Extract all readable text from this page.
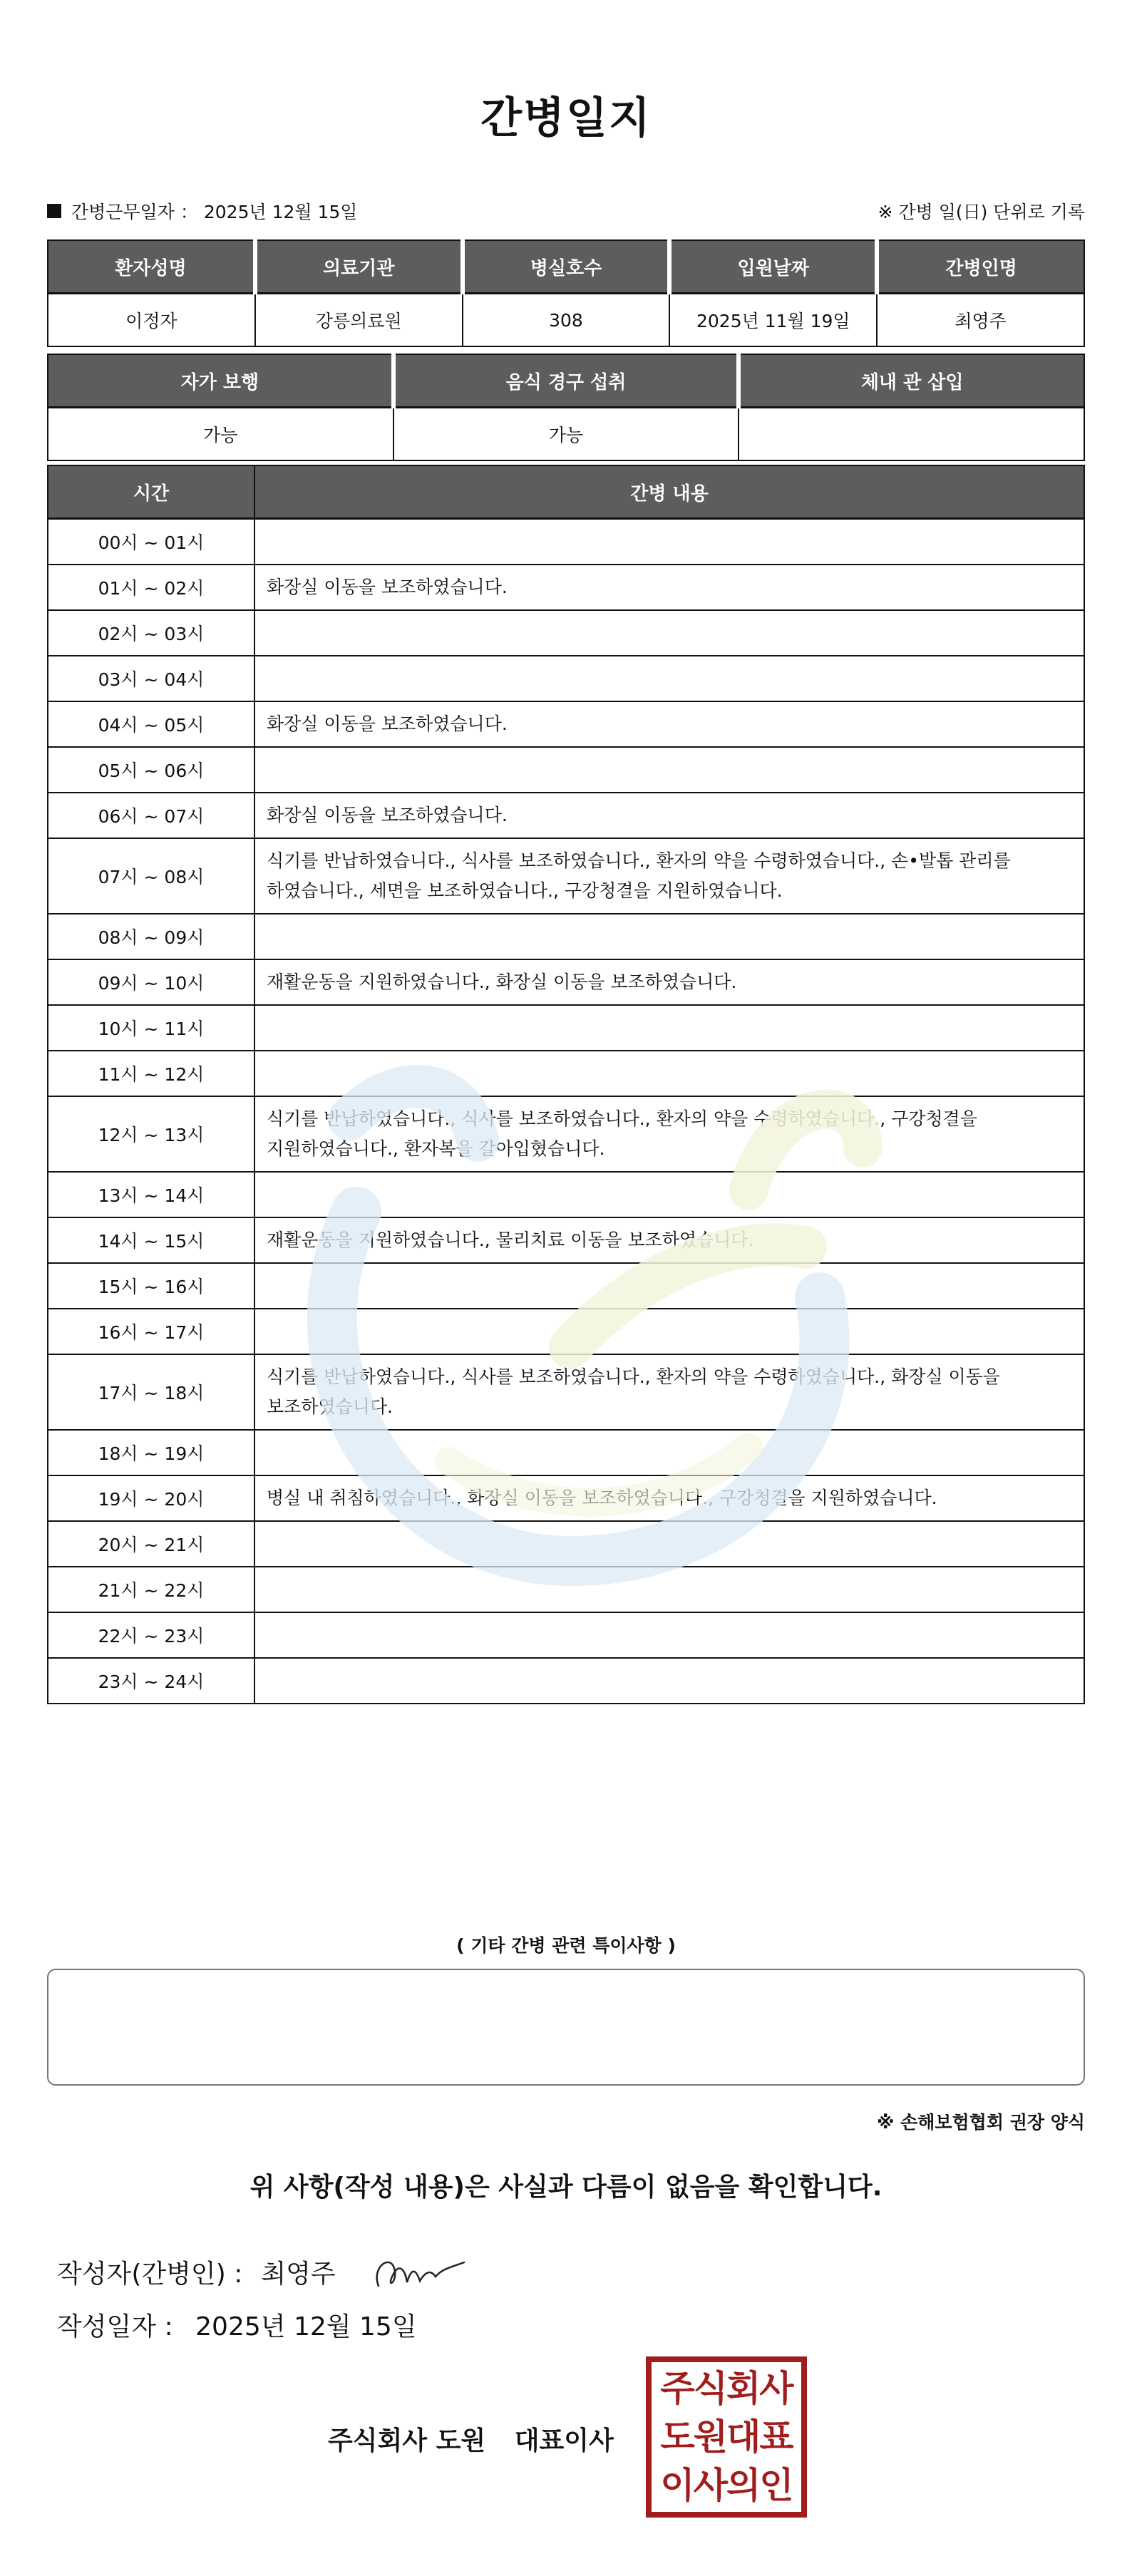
간병일지
간병근무일자 ： 2025년 12월 15일	※ 간병 일(日) 단위로 기록
환자성명	의료기관	병실호수	입원날짜	간병인명
이정자	강릉의료원	308	2025년 11월 19일	최영주
자가 보행	음식 경구 섭취	체내 관 삽입
가능	가능	
시간	간병 내용
00시 ~ 01시	
01시 ~ 02시	화장실 이동을 보조하였습니다.
02시 ~ 03시	
03시 ~ 04시	
04시 ~ 05시	화장실 이동을 보조하였습니다.
05시 ~ 06시	
06시 ~ 07시	화장실 이동을 보조하였습니다.
07시 ~ 08시	식기를 반납하였습니다., 식사를 보조하였습니다., 환자의 약을 수령하였습니다., 손•발톱 관리를 하였습니다., 세면을 보조하였습니다., 구강청결을 지원하였습니다.
08시 ~ 09시	
09시 ~ 10시	재활운동을 지원하였습니다., 화장실 이동을 보조하였습니다.
10시 ~ 11시	
11시 ~ 12시	
12시 ~ 13시	식기를 반납하였습니다., 식사를 보조하였습니다., 환자의 약을 수령하였습니다., 구강청결을 지원하였습니다., 환자복을 갈아입혔습니다.
13시 ~ 14시	
14시 ~ 15시	재활운동을 지원하였습니다., 물리치료 이동을 보조하였습니다.
15시 ~ 16시	
16시 ~ 17시	
17시 ~ 18시	식기를 반납하였습니다., 식사를 보조하였습니다., 환자의 약을 수령하였습니다., 화장실 이동을 보조하였습니다.
18시 ~ 19시	
19시 ~ 20시	병실 내 취침하였습니다., 화장실 이동을 보조하였습니다., 구강청결을 지원하였습니다.
20시 ~ 21시	
21시 ~ 22시	
22시 ~ 23시	
23시 ~ 24시	
( 기타 간병 관련 특이사항 )
※ 손해보험협회 권장 양식
위 사항(작성 내용)은 사실과 다름이 없음을 확인합니다.
작성자(간병인) : 최영주
작성일자 : 2025년 12월 15일
주식회사 도원 대표이사
주식회사
도원대표
이사의인
